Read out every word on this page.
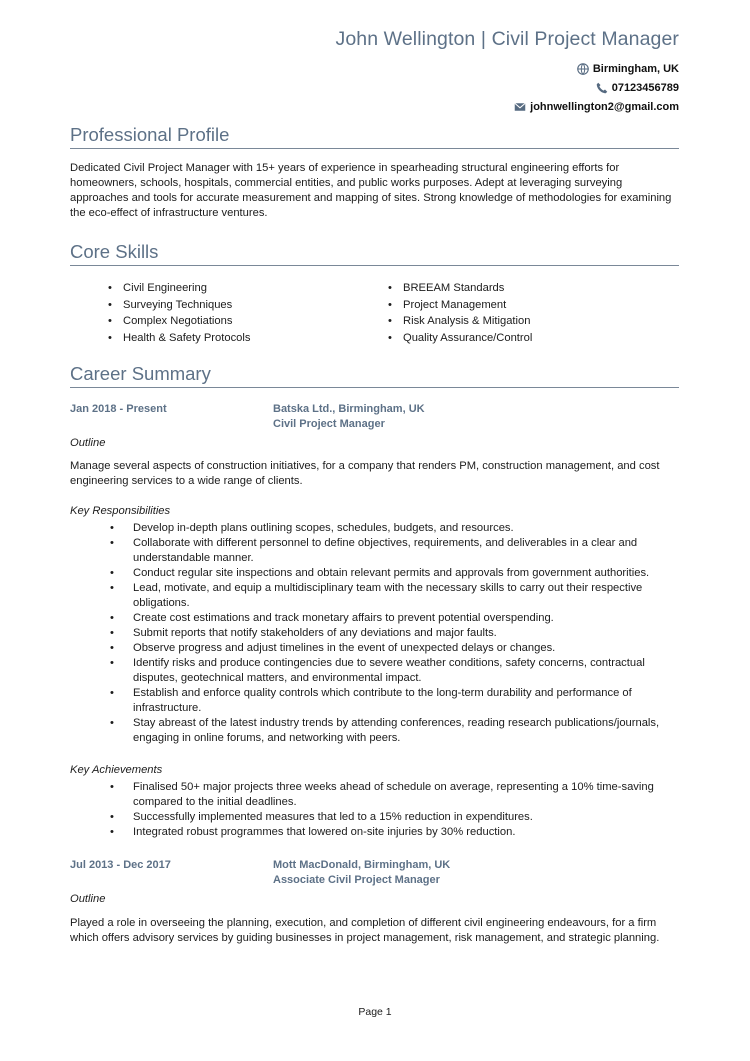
John Wellington | Civil Project Manager
Birmingham, UK
07123456789
johnwellington2@gmail.com
Professional Profile
Dedicated Civil Project Manager with 15+ years of experience in spearheading structural engineering efforts for homeowners, schools, hospitals, commercial entities, and public works purposes. Adept at leveraging surveying approaches and tools for accurate measurement and mapping of sites. Strong knowledge of methodologies for examining the eco-effect of infrastructure ventures.
Core Skills
• Civil Engineering
• Surveying Techniques
• Complex Negotiations
• Health & Safety Protocols
• BREEAM Standards
• Project Management
• Risk Analysis & Mitigation
• Quality Assurance/Control
Career Summary
Jan 2018 - Present	Batska Ltd., Birmingham, UK
Civil Project Manager
Outline
Manage several aspects of construction initiatives, for a company that renders PM, construction management, and cost engineering services to a wide range of clients.
Key Responsibilities
• Develop in-depth plans outlining scopes, schedules, budgets, and resources.
• Collaborate with different personnel to define objectives, requirements, and deliverables in a clear and understandable manner.
• Conduct regular site inspections and obtain relevant permits and approvals from government authorities.
• Lead, motivate, and equip a multidisciplinary team with the necessary skills to carry out their respective obligations.
• Create cost estimations and track monetary affairs to prevent potential overspending.
• Submit reports that notify stakeholders of any deviations and major faults.
• Observe progress and adjust timelines in the event of unexpected delays or changes.
• Identify risks and produce contingencies due to severe weather conditions, safety concerns, contractual disputes, geotechnical matters, and environmental impact.
• Establish and enforce quality controls which contribute to the long-term durability and performance of infrastructure.
• Stay abreast of the latest industry trends by attending conferences, reading research publications/journals, engaging in online forums, and networking with peers.
Key Achievements
• Finalised 50+ major projects three weeks ahead of schedule on average, representing a 10% time-saving compared to the initial deadlines.
• Successfully implemented measures that led to a 15% reduction in expenditures.
• Integrated robust programmes that lowered on-site injuries by 30% reduction.
Jul 2013 - Dec 2017	Mott MacDonald, Birmingham, UK
Associate Civil Project Manager
Outline
Played a role in overseeing the planning, execution, and completion of different civil engineering endeavours, for a firm which offers advisory services by guiding businesses in project management, risk management, and strategic planning.
Page 1
